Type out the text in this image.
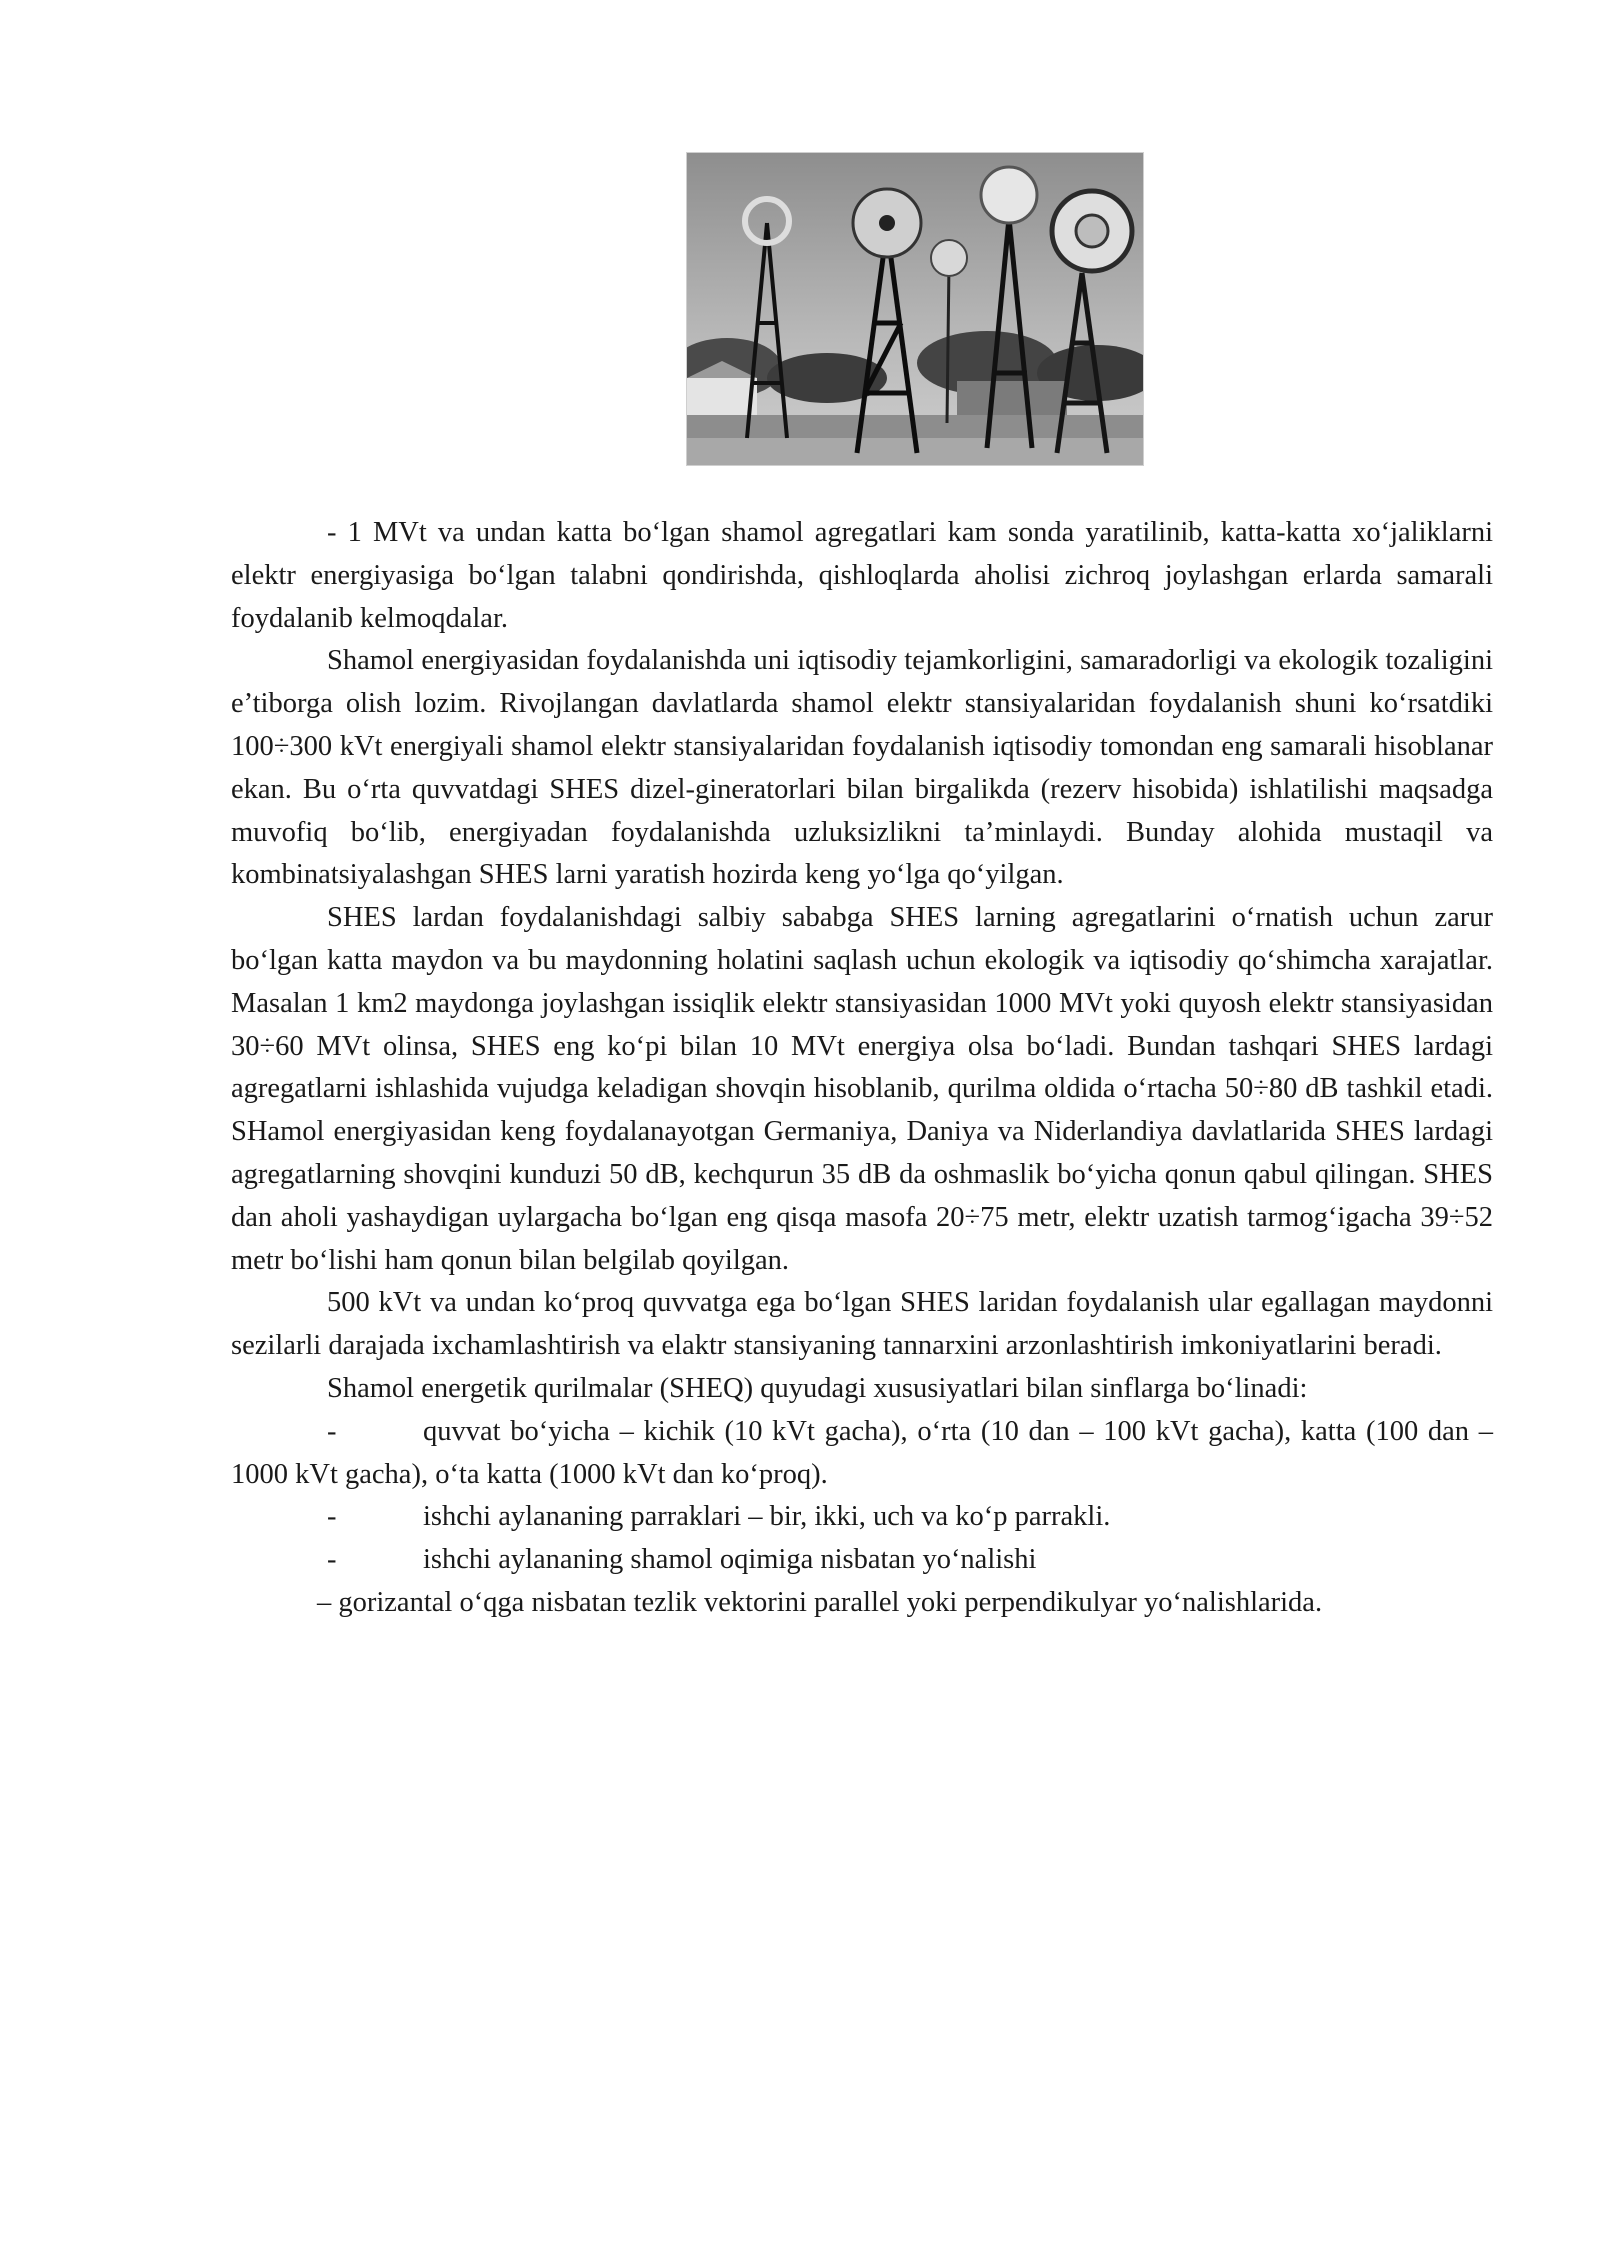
- 1 MVt va undan katta bo‘lgan shamol agregatlari kam sonda yaratilinib, katta-katta xo‘jaliklarni elektr energiyasiga bo‘lgan talabni qondirishda, qishloqlarda aholisi zichroq joylashgan erlarda samarali foydalanib kelmoqdalar.

Shamol energiyasidan foydalanishda uni iqtisodiy tejamkorligini, samaradorligi va ekologik tozaligini e’tiborga olish lozim. Rivojlangan davlatlarda shamol elektr stansiyalaridan foydalanish shuni ko‘rsatdiki 100÷300 kVt energiyali shamol elektr stansiyalaridan foydalanish iqtisodiy tomondan eng samarali hisoblanar ekan. Bu o‘rta quvvatdagi SHES dizel-gineratorlari bilan birgalikda (rezerv hisobida) ishlatilishi maqsadga muvofiq bo‘lib, energiyadan foydalanishda uzluksizlikni ta’minlaydi. Bunday alohida mustaqil va kombinatsiyalashgan SHES larni yaratish hozirda keng yo‘lga qo‘yilgan.

SHES lardan foydalanishdagi salbiy sababga SHES larning agregatlarini o‘rnatish uchun zarur bo‘lgan katta maydon va bu maydonning holatini saqlash uchun ekologik va iqtisodiy qo‘shimcha xarajatlar. Masalan 1 km2 maydonga joylashgan issiqlik elektr stansiyasidan 1000 MVt yoki quyosh elektr stansiyasidan 30÷60 MVt olinsa, SHES eng ko‘pi bilan 10 MVt energiya olsa bo‘ladi. Bundan tashqari SHES lardagi agregatlarni ishlashida vujudga keladigan shovqin hisoblanib, qurilma oldida o‘rtacha 50÷80 dB tashkil etadi. SHamol energiyasidan keng foydalanayotgan Germaniya, Daniya va Niderlandiya davlatlarida SHES lardagi agregatlarning shovqini kunduzi 50 dB, kechqurun 35 dB da oshmaslik bo‘yicha qonun qabul qilingan. SHES dan aholi yashaydigan uylargacha bo‘lgan eng qisqa masofa 20÷75 metr, elektr uzatish tarmog‘igacha 39÷52 metr bo‘lishi ham qonun bilan belgilab qoyilgan.

500 kVt va undan ko‘proq quvvatga ega bo‘lgan SHES laridan foydalanish ular egallagan maydonni sezilarli darajada ixchamlashtirish va elaktr stansiyaning tannarxini arzonlashtirish imkoniyatlarini beradi.

Shamol energetik qurilmalar (SHEQ) quyudagi xususiyatlari bilan sinflarga bo‘linadi:

-	quvvat bo‘yicha – kichik (10 kVt gacha), o‘rta (10 dan – 100 kVt gacha), katta (100 dan – 1000 kVt gacha), o‘ta katta (1000 kVt dan ko‘proq).

-	ishchi aylananing parraklari – bir, ikki, uch va ko‘p parrakli.

-	ishchi aylananing shamol oqimiga nisbatan yo‘nalishi

– gorizantal o‘qga nisbatan tezlik vektorini parallel yoki perpendikulyar yo‘nalishlarida.
